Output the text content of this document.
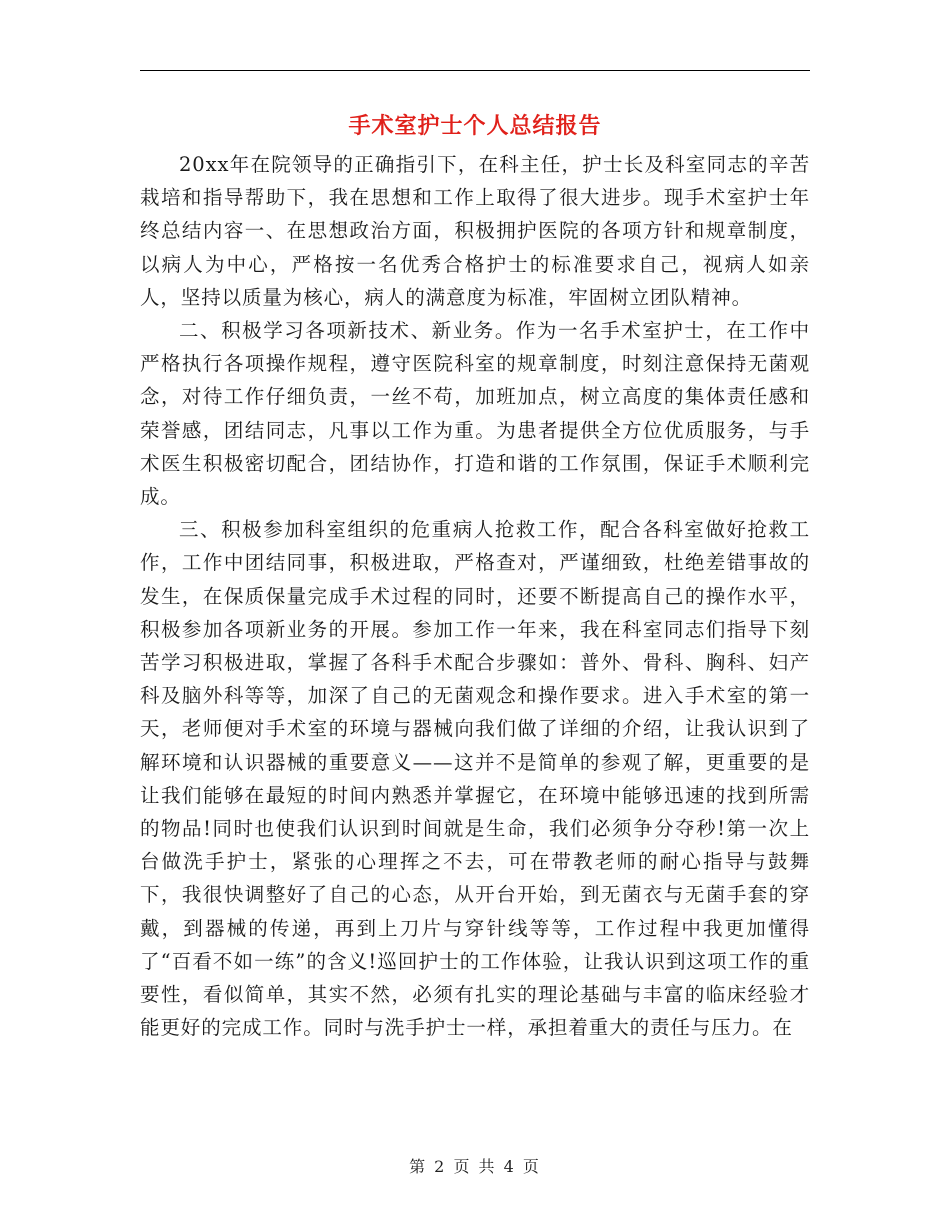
手术室护士个人总结报告

20xx年在院领导的正确指引下，在科主任，护士长及科室同志的辛苦栽培和指导帮助下，我在思想和工作上取得了很大进步。现手术室护士年终总结内容一、在思想政治方面，积极拥护医院的各项方针和规章制度，以病人为中心，严格按一名优秀合格护士的标准要求自己，视病人如亲人，坚持以质量为核心，病人的满意度为标准，牢固树立团队精神。

二、积极学习各项新技术、新业务。作为一名手术室护士，在工作中严格执行各项操作规程，遵守医院科室的规章制度，时刻注意保持无菌观念，对待工作仔细负责，一丝不苟，加班加点，树立高度的集体责任感和荣誉感，团结同志，凡事以工作为重。为患者提供全方位优质服务，与手术医生积极密切配合，团结协作，打造和谐的工作氛围，保证手术顺利完成。

三、积极参加科室组织的危重病人抢救工作，配合各科室做好抢救工作，工作中团结同事，积极进取，严格查对，严谨细致，杜绝差错事故的发生，在保质保量完成手术过程的同时，还要不断提高自己的操作水平，积极参加各项新业务的开展。参加工作一年来，我在科室同志们指导下刻苦学习积极进取，掌握了各科手术配合步骤如：普外、骨科、胸科、妇产科及脑外科等等，加深了自己的无菌观念和操作要求。进入手术室的第一天，老师便对手术室的环境与器械向我们做了详细的介绍，让我认识到了解环境和认识器械的重要意义——这并不是简单的参观了解，更重要的是让我们能够在最短的时间内熟悉并掌握它，在环境中能够迅速的找到所需的物品!同时也使我们认识到时间就是生命，我们必须争分夺秒!第一次上台做洗手护士，紧张的心理挥之不去，可在带教老师的耐心指导与鼓舞下，我很快调整好了自己的心态，从开台开始，到无菌衣与无菌手套的穿戴，到器械的传递，再到上刀片与穿针线等等，工作过程中我更加懂得了“百看不如一练”的含义!巡回护士的工作体验，让我认识到这项工作的重要性，看似简单，其实不然，必须有扎实的理论基础与丰富的临床经验才能更好的完成工作。同时与洗手护士一样，承担着重大的责任与压力。在

第 2 页 共 4 页
